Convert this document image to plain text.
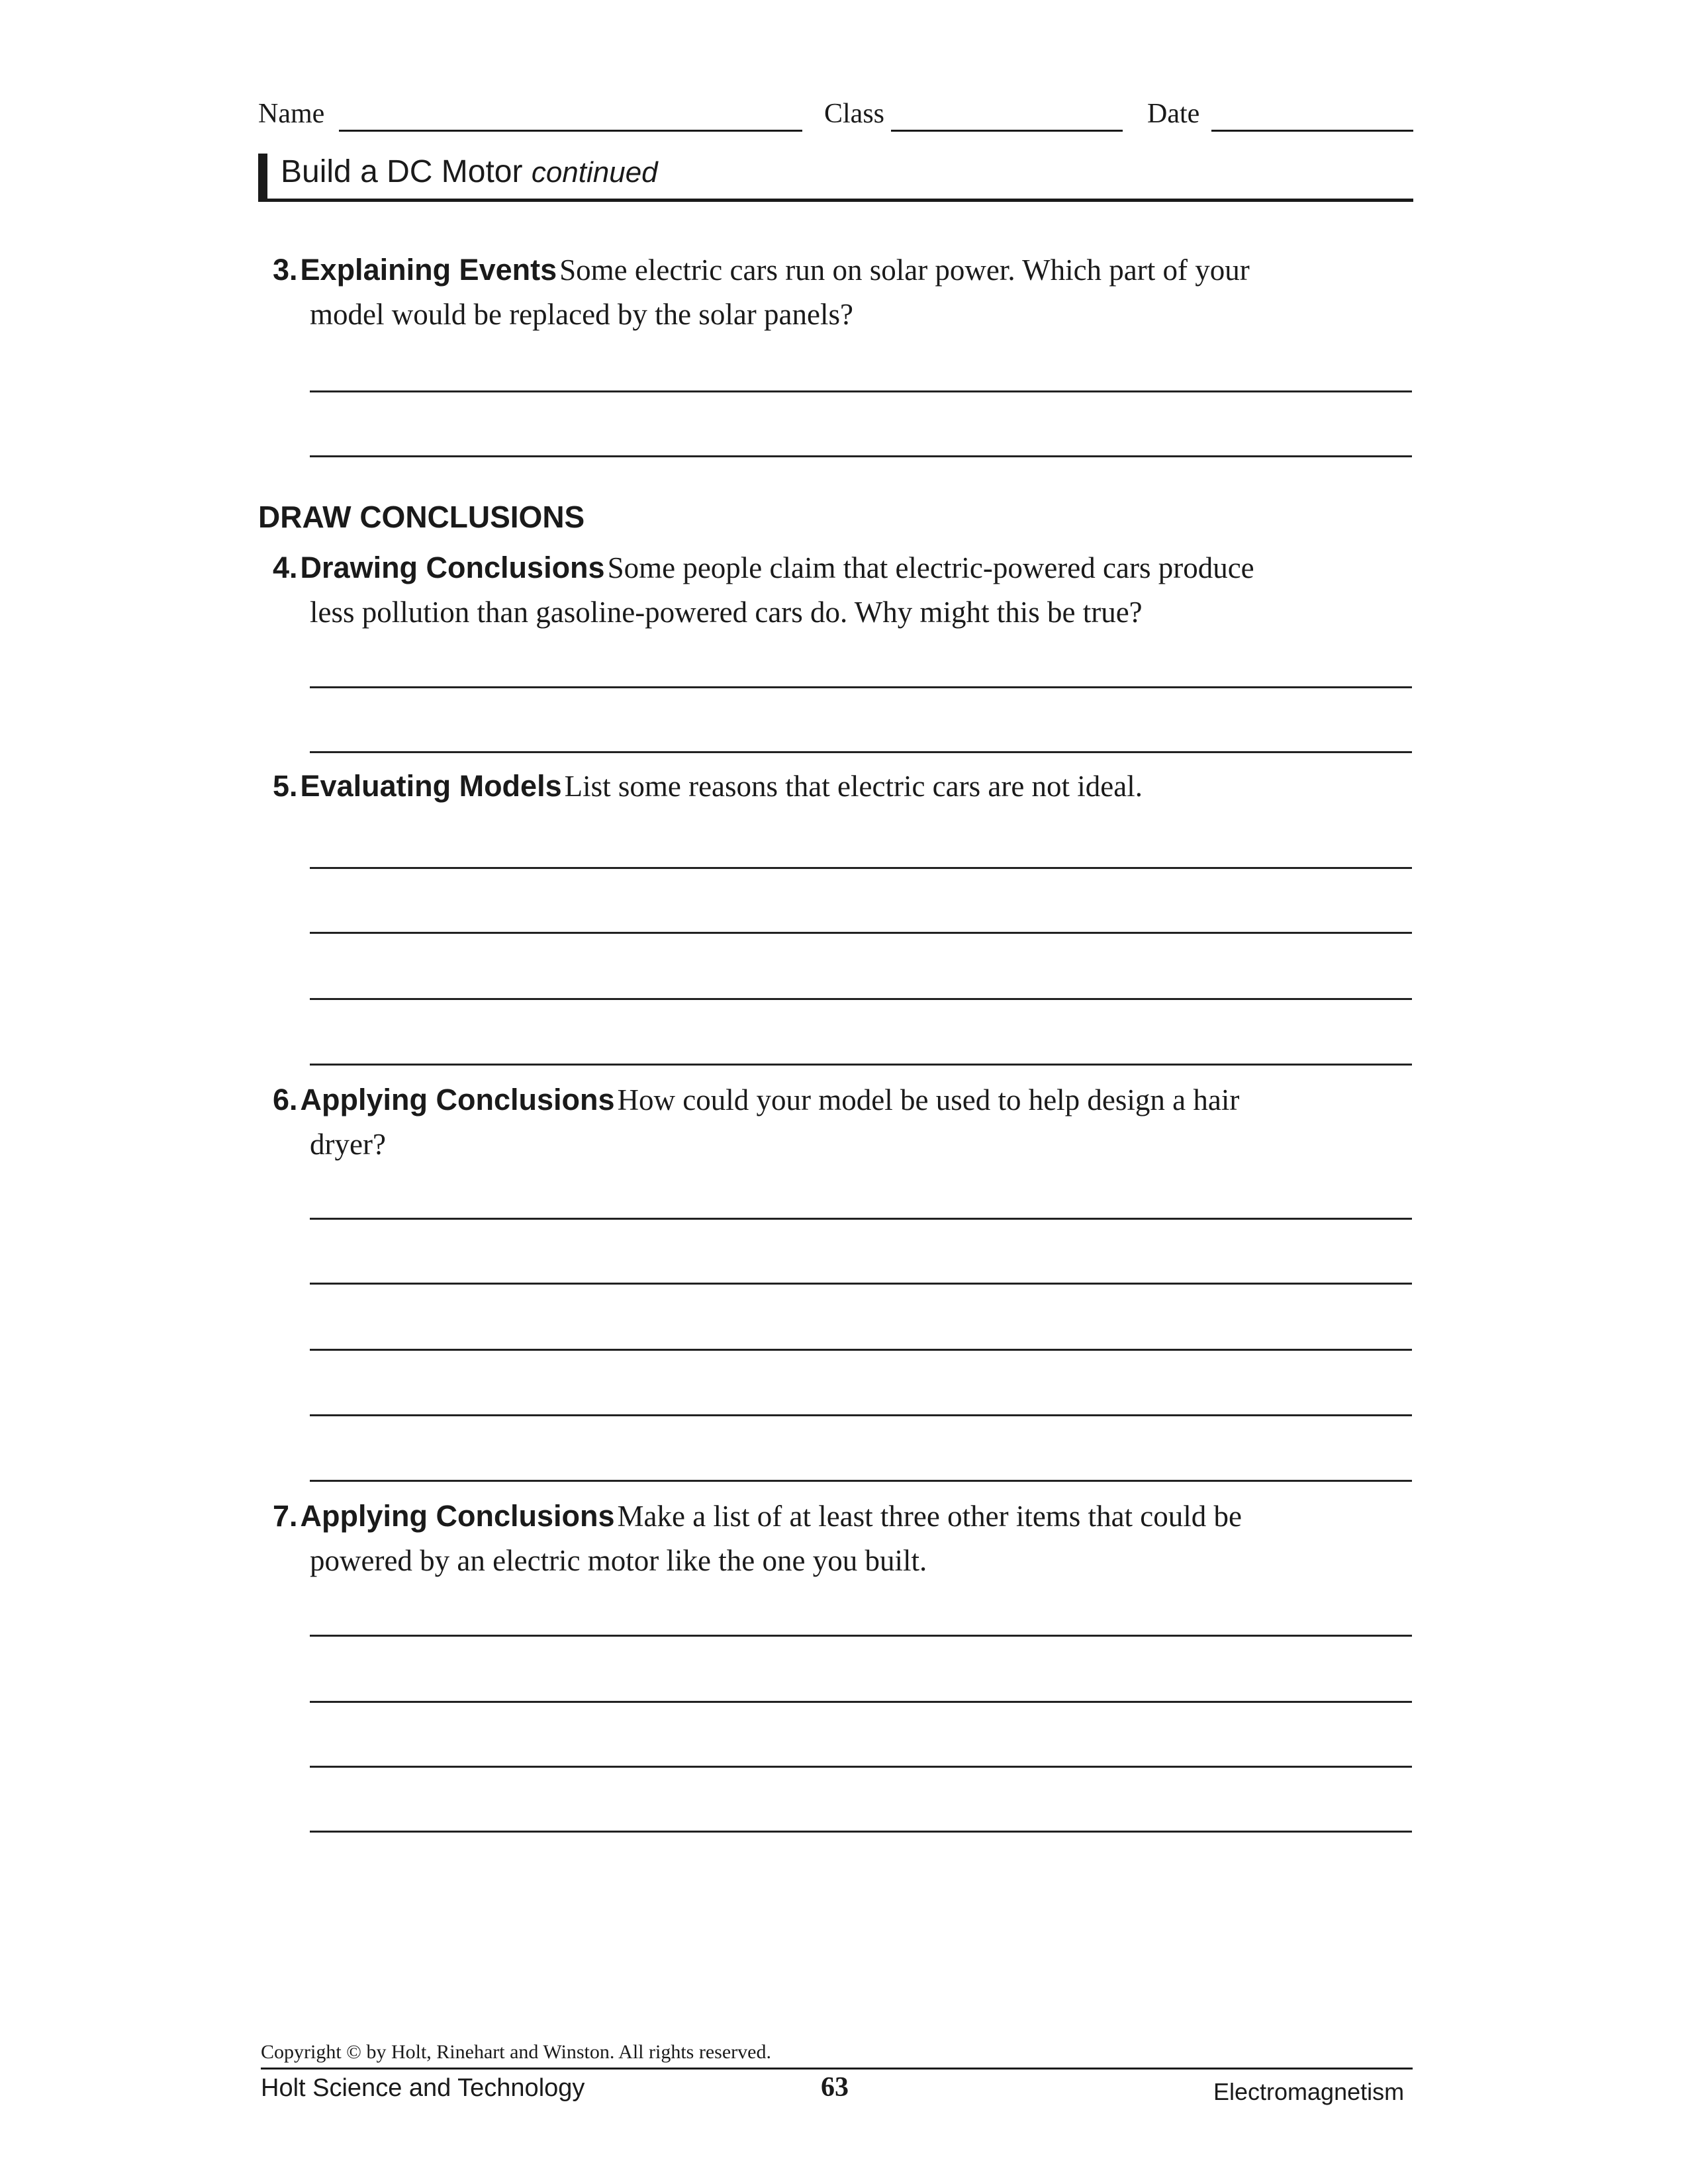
Name	Class	Date
Build a DC Motor continued
3. Explaining Events Some electric cars run on solar power. Which part of your
model would be replaced by the solar panels?
DRAW CONCLUSIONS
4. Drawing Conclusions Some people claim that electric-powered cars produce
less pollution than gasoline-powered cars do. Why might this be true?
5. Evaluating Models List some reasons that electric cars are not ideal.
6. Applying Conclusions How could your model be used to help design a hair
dryer?
7. Applying Conclusions Make a list of at least three other items that could be
powered by an electric motor like the one you built.
Copyright © by Holt, Rinehart and Winston. All rights reserved.
Holt Science and Technology	63	Electromagnetism
